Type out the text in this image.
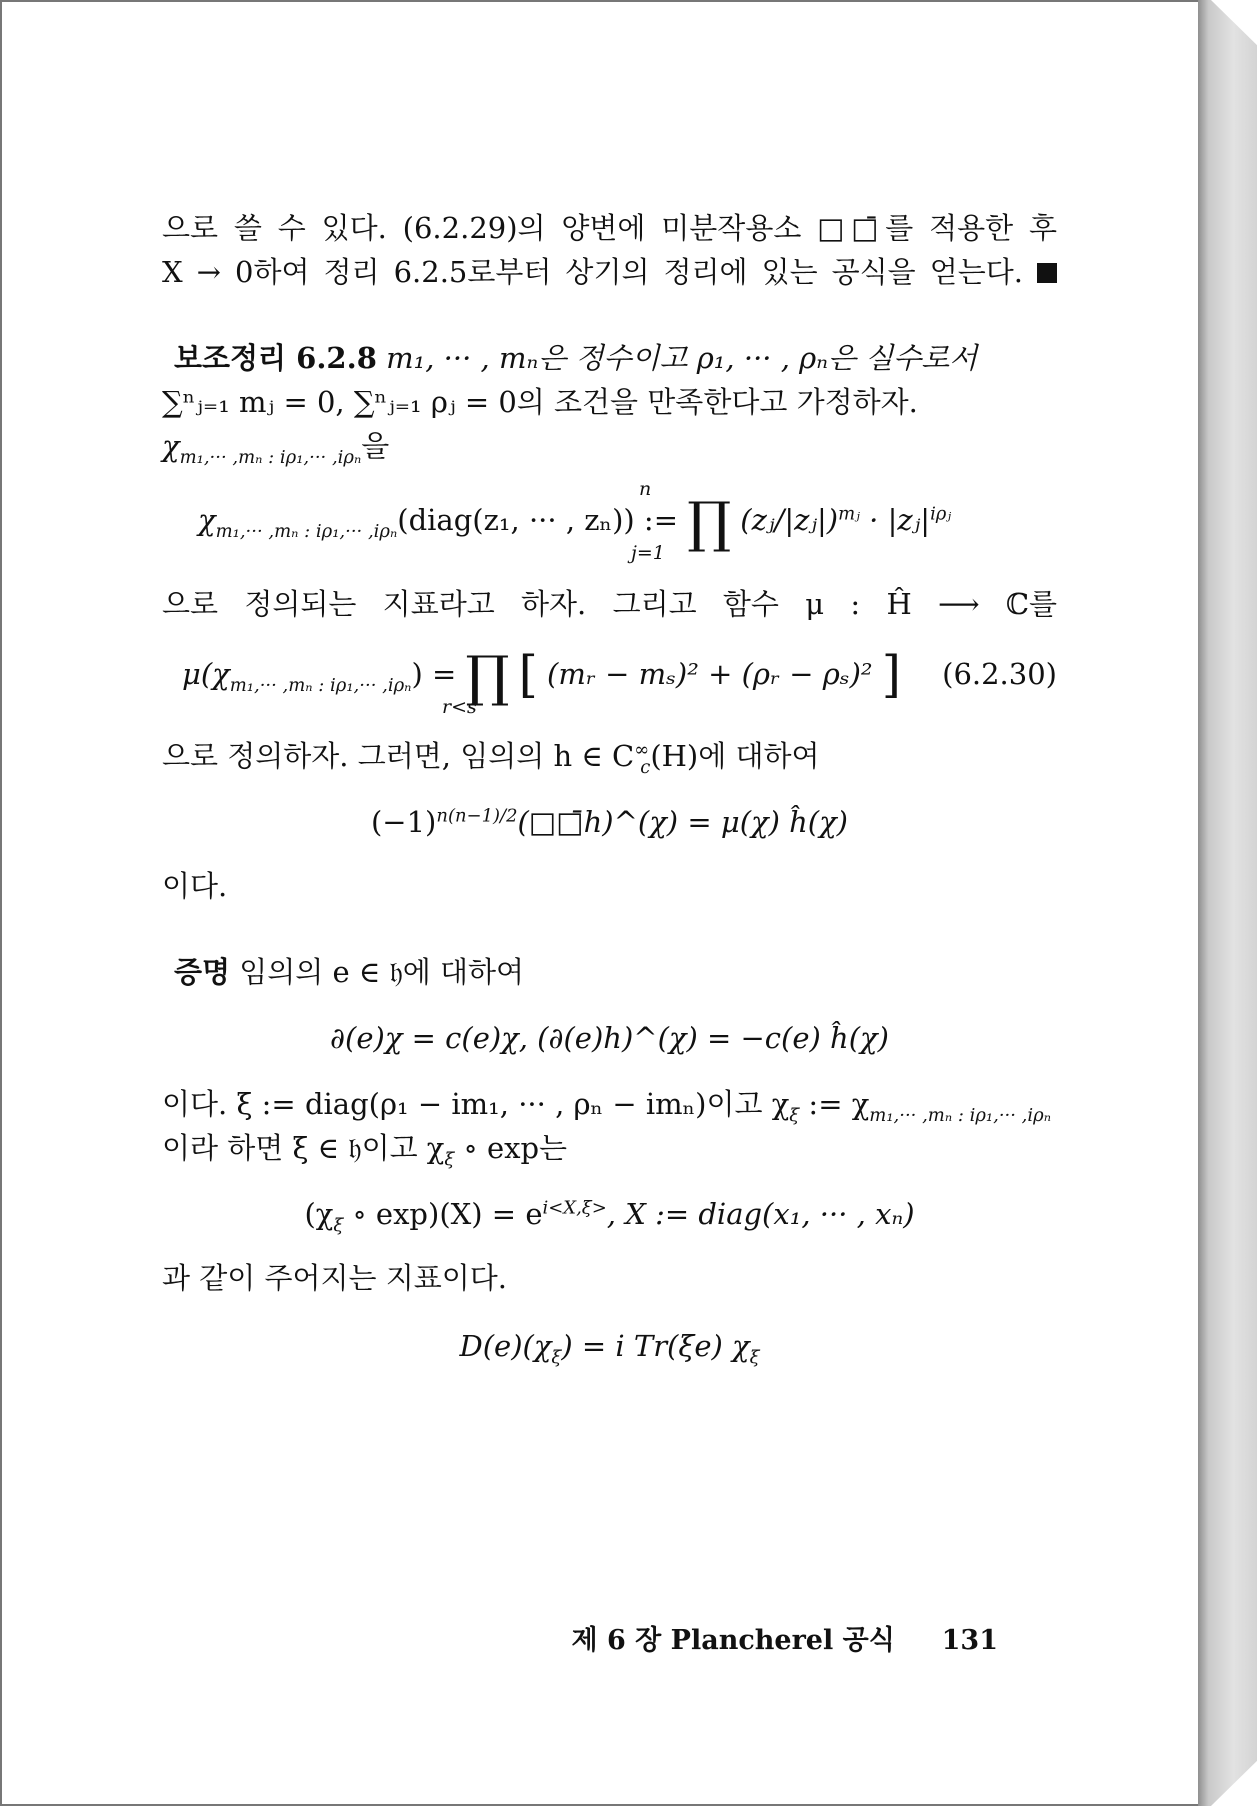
으로 쓸 수 있다. (6.2.29)의 양변에 미분작용소 □□̄를 적용한 후
X → 0하여 정리 6.2.5로부터 상기의 정리에 있는 공식을 얻는다.
보조정리 6.2.8 m₁, ··· , mₙ은 정수이고 ρ₁, ··· , ρₙ은 실수로서
∑ⁿⱼ₌₁ mⱼ = 0, ∑ⁿⱼ₌₁ ρⱼ = 0의 조건을 만족한다고 가정하자.
$\chi_{m_1,\cdot\cdot\cdot ,m_n : i\rho_1,\cdot\cdot\cdot ,i\rho_n}$을
$\chi_{m_1,\cdot\cdot\cdot ,m_n : i\rho_1,\cdot\cdot\cdot ,i\rho_n}(diag(z_1$, ··· , zₙ)) := ∏ (zⱼ/|zⱼ|)$^{mⱼ}$ · $|zⱼ|^{i\rho ⱼ}$
n
j=1
으로 정의되는 지표라고 하자. 그리고 함수 μ : Ĥ ⟶ ℂ를
$\mu(\chi_{m_1,\cdot\cdot\cdot ,m_n : i\rho_1,\cdot\cdot\cdot ,i\rho_n})$ = ∏ [ (mᵣ − mₛ)² + (ρᵣ − ρₛ)² ] (6.2.30)
r<s
으로 정의하자. 그러면, 임의의 h ∈ $C^\infty_c(H)$에 대하여
$(-1)^{n(n-1)/2}(□□̄h)\^{}(\chi) = \mu(\chi)$ ĥ(χ)
이다.
증명 임의의 e ∈ 𝔥에 대하여
∂(e)χ = c(e)χ, (∂(e)h)^(χ) = −c(e) ĥ(χ)
이다. ξ := diag(ρ₁ − im₁, ··· , ρₙ − imₙ)이고 $\chi_\xi$ := $\chi_{m_1,\cdot\cdot\cdot ,m_n : i\rho_1,\cdot\cdot\cdot ,i\rho_n}$
이라 하면 ξ ∈ 𝔥이고 $\chi_\xi$ ∘ exp는
($\chi_\xi$ ∘ $\exp)(X) = e^{i<X,\xi>}$, X := diag(x₁, ··· , xₙ)
과 같이 주어지는 지표이다.
$D(e)(\chi_\xi) = i$ Tr(ξe) $\chi_\xi$
제 6 장 Plancherel 공식 131
